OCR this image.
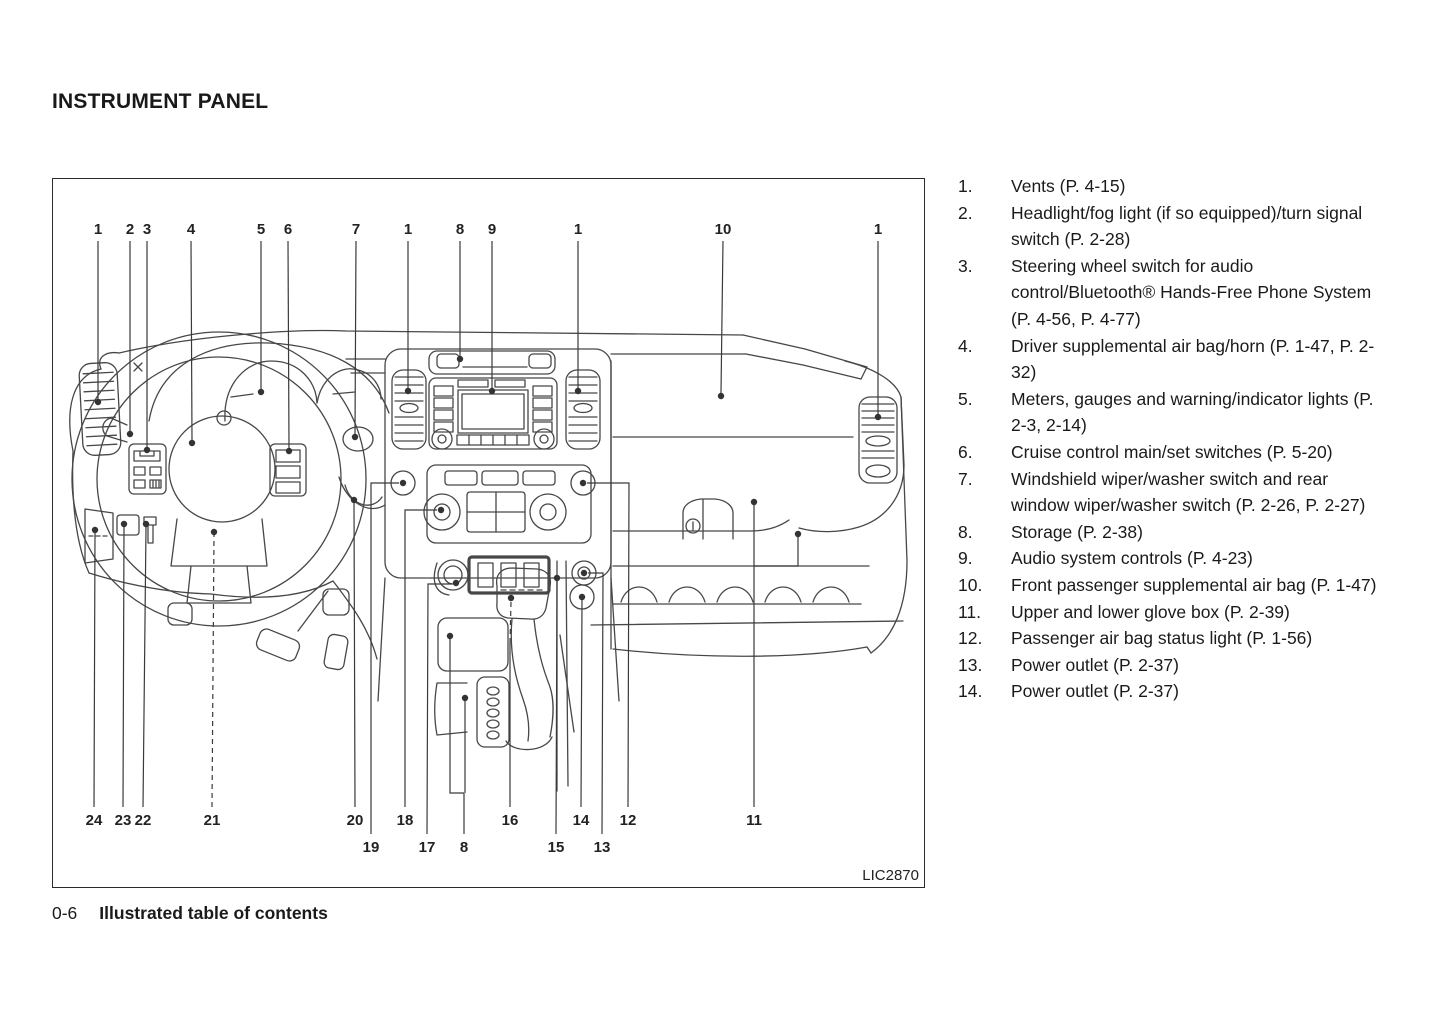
INSTRUMENT PANEL
1 2 3 4	5 6	7	1	8 9	1	10	1
24 23 22	21	20 18	16	14 12	11
19	17 8	15 13
LIC2870
1.	Vents (P. 4-15)
2.	Headlight/fog light (if so equipped)/turn signal switch (P. 2-28)
3.	Steering wheel switch for audio control/Bluetooth® Hands-Free Phone System (P. 4-56, P. 4-77)
4.	Driver supplemental air bag/horn (P. 1-47, P. 2-32)
5.	Meters, gauges and warning/indicator lights (P. 2-3, 2-14)
6.	Cruise control main/set switches (P. 5-20)
7.	Windshield wiper/washer switch and rear window wiper/washer switch (P. 2-26, P. 2-27)
8.	Storage (P. 2-38)
9.	Audio system controls (P. 4-23)
10.	Front passenger supplemental air bag (P. 1-47)
11.	Upper and lower glove box (P. 2-39)
12.	Passenger air bag status light (P. 1-56)
13.	Power outlet (P. 2-37)
14.	Power outlet (P. 2-37)
0-6 Illustrated table of contents
